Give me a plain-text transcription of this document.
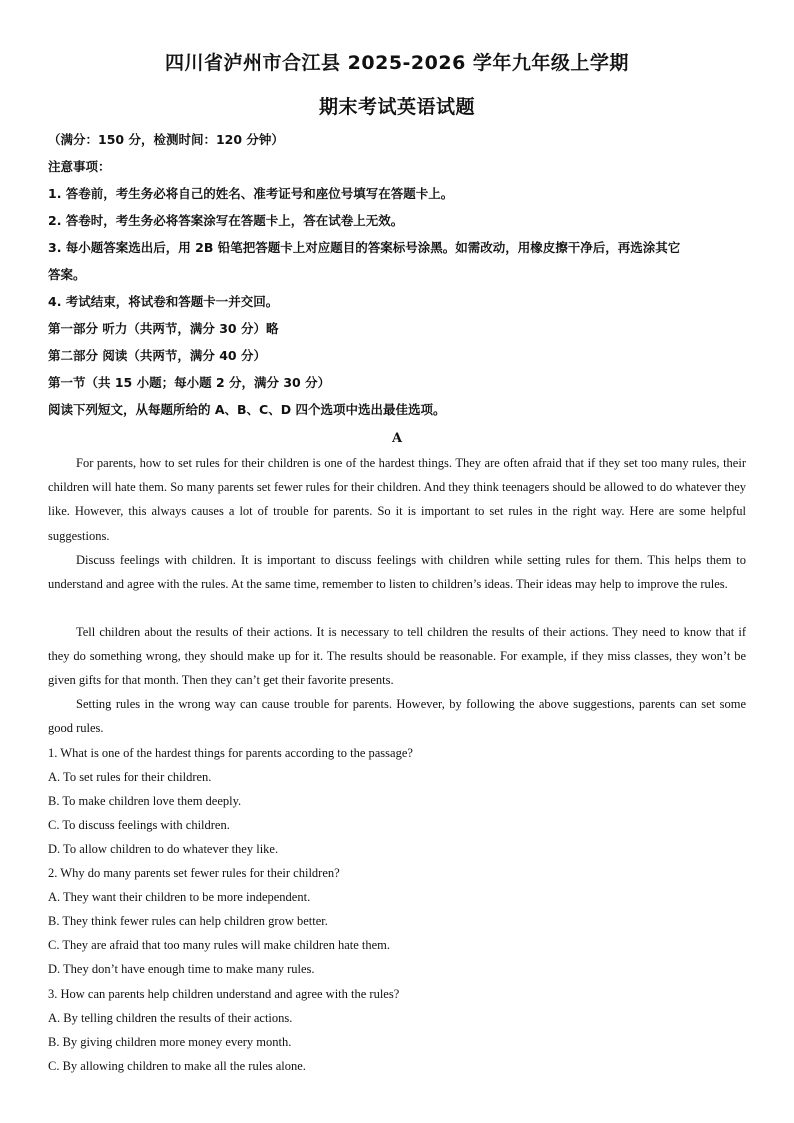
四川省泸州市合江县 2025-2026 学年九年级上学期
期末考试英语试题
（满分：150 分，检测时间：120 分钟）
注意事项：
1. 答卷前，考生务必将自己的姓名、准考证号和座位号填写在答题卡上。
2. 答卷时，考生务必将答案涂写在答题卡上，答在试卷上无效。
3. 每小题答案选出后，用 2B 铅笔把答题卡上对应题目的答案标号涂黑。如需改动，用橡皮擦干净后，再选涂其它
答案。
4. 考试结束，将试卷和答题卡一并交回。
第一部分 听力（共两节，满分 30 分）略
第二部分 阅读（共两节，满分 40 分）
第一节（共 15 小题；每小题 2 分，满分 30 分）
阅读下列短文，从每题所给的 A、B、C、D 四个选项中选出最佳选项。
A
For parents, how to set rules for their children is one of the hardest things. They are often afraid that if they set too many rules, their children will hate them. So many parents set fewer rules for their children. And they think teenagers should be allowed to do whatever they like. However, this always causes a lot of trouble for parents. So it is important to set rules in the right way. Here are some helpful suggestions.
Discuss feelings with children. It is important to discuss feelings with children while setting rules for them. This helps them to understand and agree with the rules. At the same time, remember to listen to children’s ideas. Their ideas may help to improve the rules.
Tell children about the results of their actions. It is necessary to tell children the results of their actions. They need to know that if they do something wrong, they should make up for it. The results should be reasonable. For example, if they miss classes, they won’t be given gifts for that month. Then they can’t get their favorite presents.
Setting rules in the wrong way can cause trouble for parents. However, by following the above suggestions, parents can set some good rules.
1. What is one of the hardest things for parents according to the passage?
A. To set rules for their children.
B. To make children love them deeply.
C. To discuss feelings with children.
D. To allow children to do whatever they like.
2. Why do many parents set fewer rules for their children?
A. They want their children to be more independent.
B. They think fewer rules can help children grow better.
C. They are afraid that too many rules will make children hate them.
D. They don’t have enough time to make many rules.
3. How can parents help children understand and agree with the rules?
A. By telling children the results of their actions.
B. By giving children more money every month.
C. By allowing children to make all the rules alone.
